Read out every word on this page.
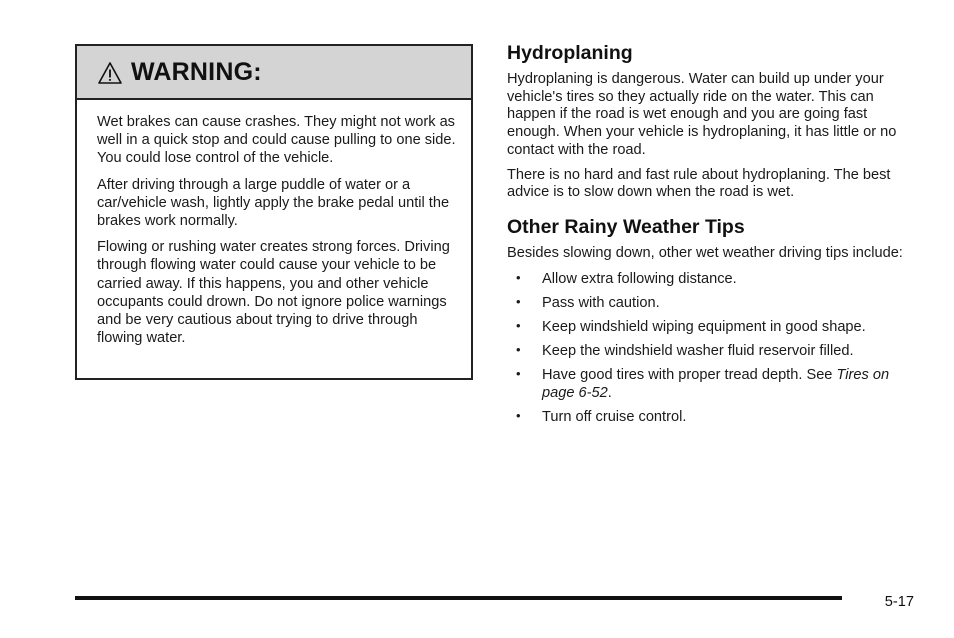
WARNING:

Wet brakes can cause crashes. They might not work as well in a quick stop and could cause pulling to one side. You could lose control of the vehicle.

After driving through a large puddle of water or a car/vehicle wash, lightly apply the brake pedal until the brakes work normally.

Flowing or rushing water creates strong forces. Driving through flowing water could cause your vehicle to be carried away. If this happens, you and other vehicle occupants could drown. Do not ignore police warnings and be very cautious about trying to drive through flowing water.

Hydroplaning

Hydroplaning is dangerous. Water can build up under your vehicle's tires so they actually ride on the water. This can happen if the road is wet enough and you are going fast enough. When your vehicle is hydroplaning, it has little or no contact with the road.

There is no hard and fast rule about hydroplaning. The best advice is to slow down when the road is wet.

Other Rainy Weather Tips

Besides slowing down, other wet weather driving tips include:

• Allow extra following distance.
• Pass with caution.
• Keep windshield wiping equipment in good shape.
• Keep the windshield washer fluid reservoir filled.
• Have good tires with proper tread depth. See Tires on page 6-52.
• Turn off cruise control.
5-17
